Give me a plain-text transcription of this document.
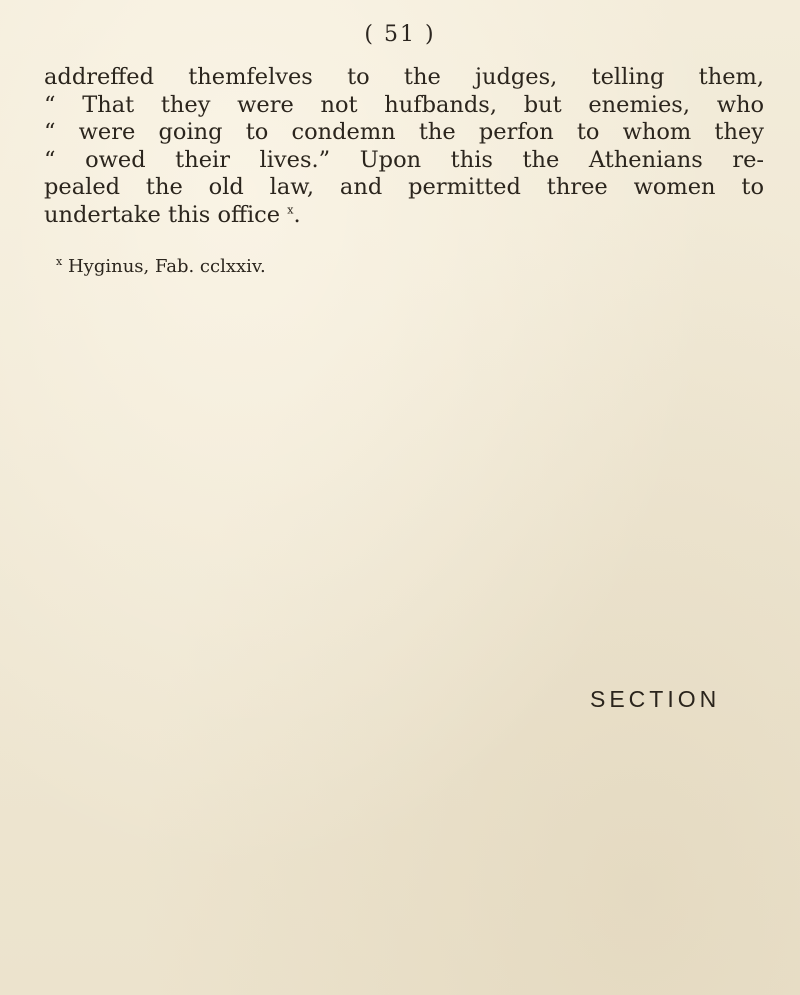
( 51 )
addreffed themfelves to the judges, telling them,
“ That they were not hufbands, but enemies, who
“ were going to condemn the perfon to whom they
“ owed their lives.” Upon this the Athenians re-
pealed the old law, and permitted three women to
undertake this office $^x$.
$^x$ Hyginus, Fab. cclxxiv.

SECTION
